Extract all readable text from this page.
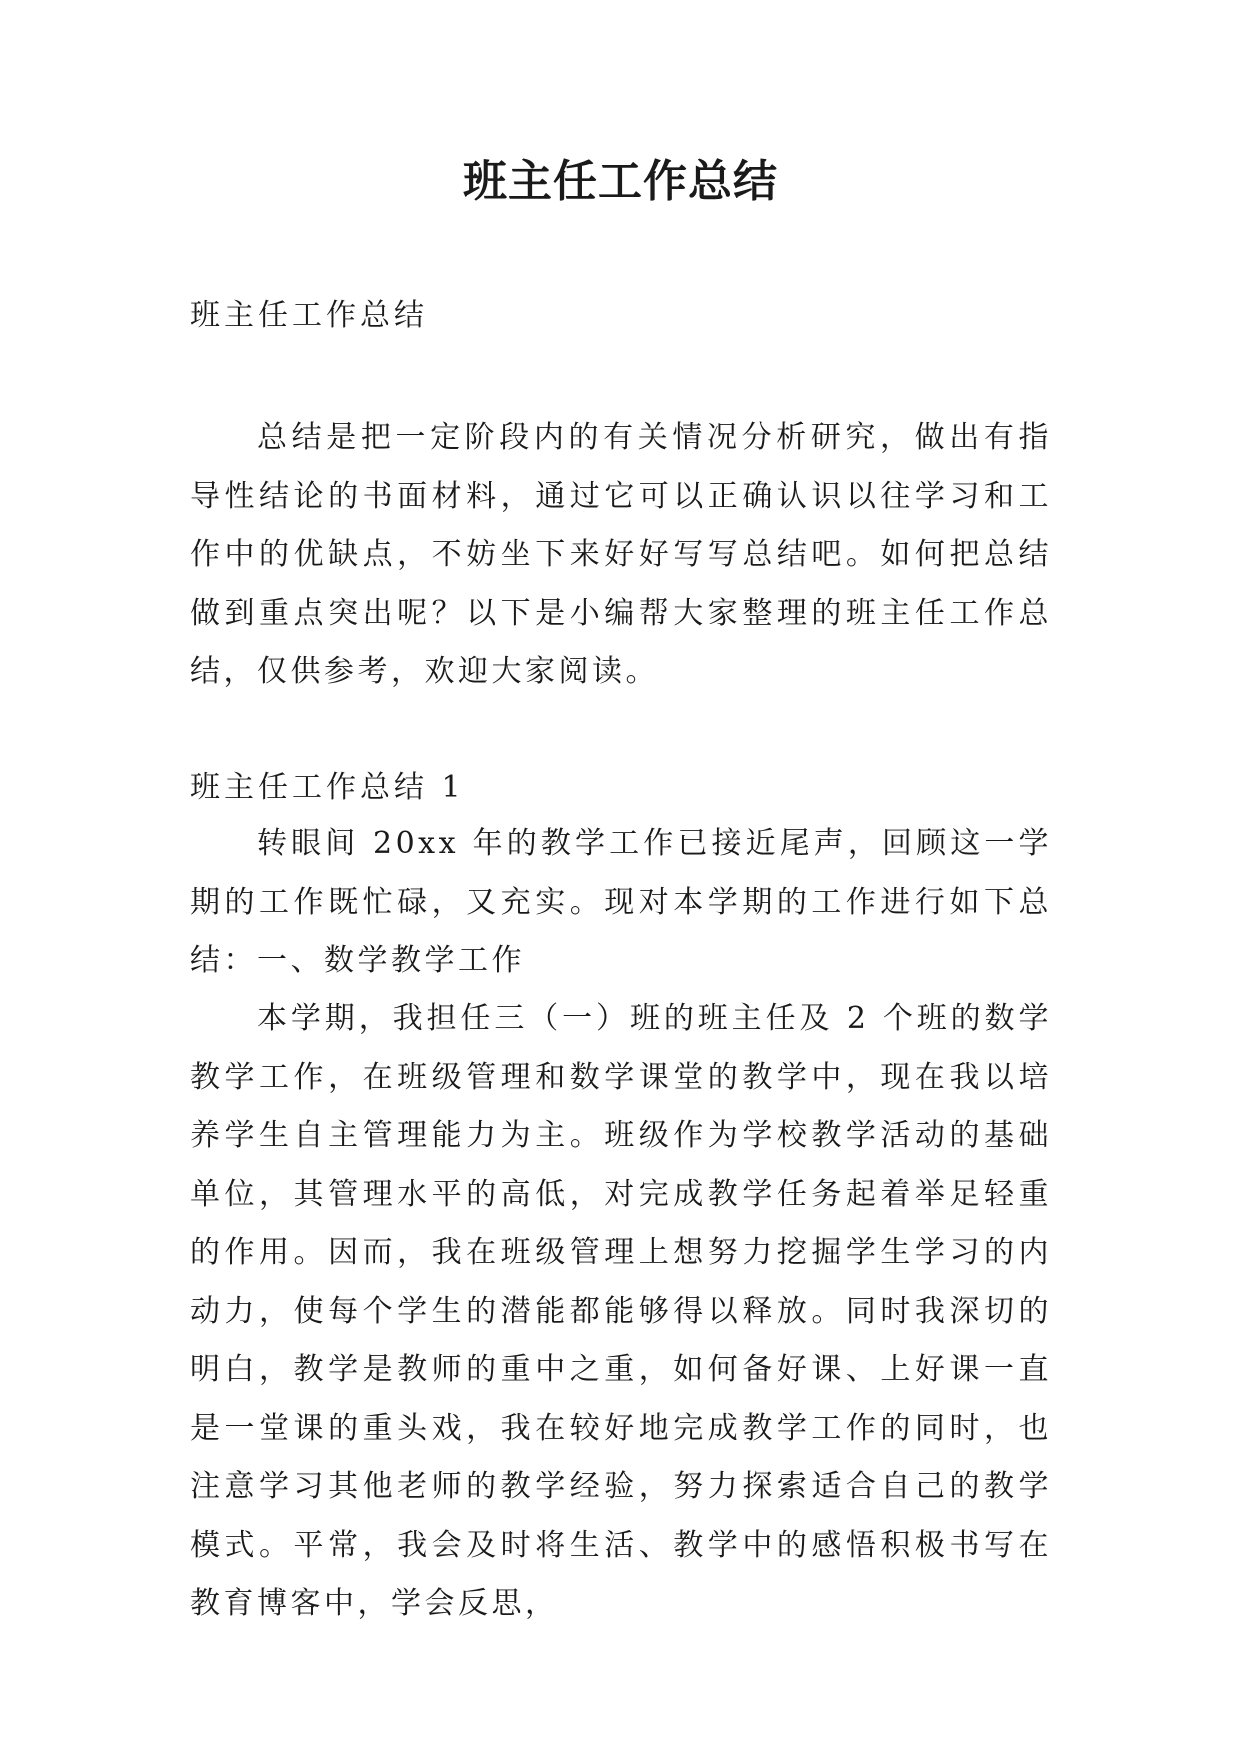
班主任工作总结

班主任工作总结

总结是把一定阶段内的有关情况分析研究，做出有指导性结论的书面材料，通过它可以正确认识以往学习和工作中的优缺点，不妨坐下来好好写写总结吧。如何把总结做到重点突出呢？以下是小编帮大家整理的班主任工作总结，仅供参考，欢迎大家阅读。

班主任工作总结 1

转眼间 20xx 年的教学工作已接近尾声，回顾这一学期的工作既忙碌，又充实。现对本学期的工作进行如下总结： 一、数学教学工作

本学期，我担任三（一）班的班主任及 2 个班的数学教学工作，在班级管理和数学课堂的教学中，现在我以培养学生自主管理能力为主。班级作为学校教学活动的基础单位，其管理水平的高低，对完成教学任务起着举足轻重的作用。因而，我在班级管理上想努力挖掘学生学习的内动力，使每个学生的潜能都能够得以释放。同时我深切的明白，教学是教师的重中之重，如何备好课、上好课一直是一堂课的重头戏，我在较好地完成教学工作的同时，也注意学习其他老师的教学经验，努力探索适合自己的教学模式。平常，我会及时将生活、教学中的感悟积极书写在教育博客中，学会反思，
